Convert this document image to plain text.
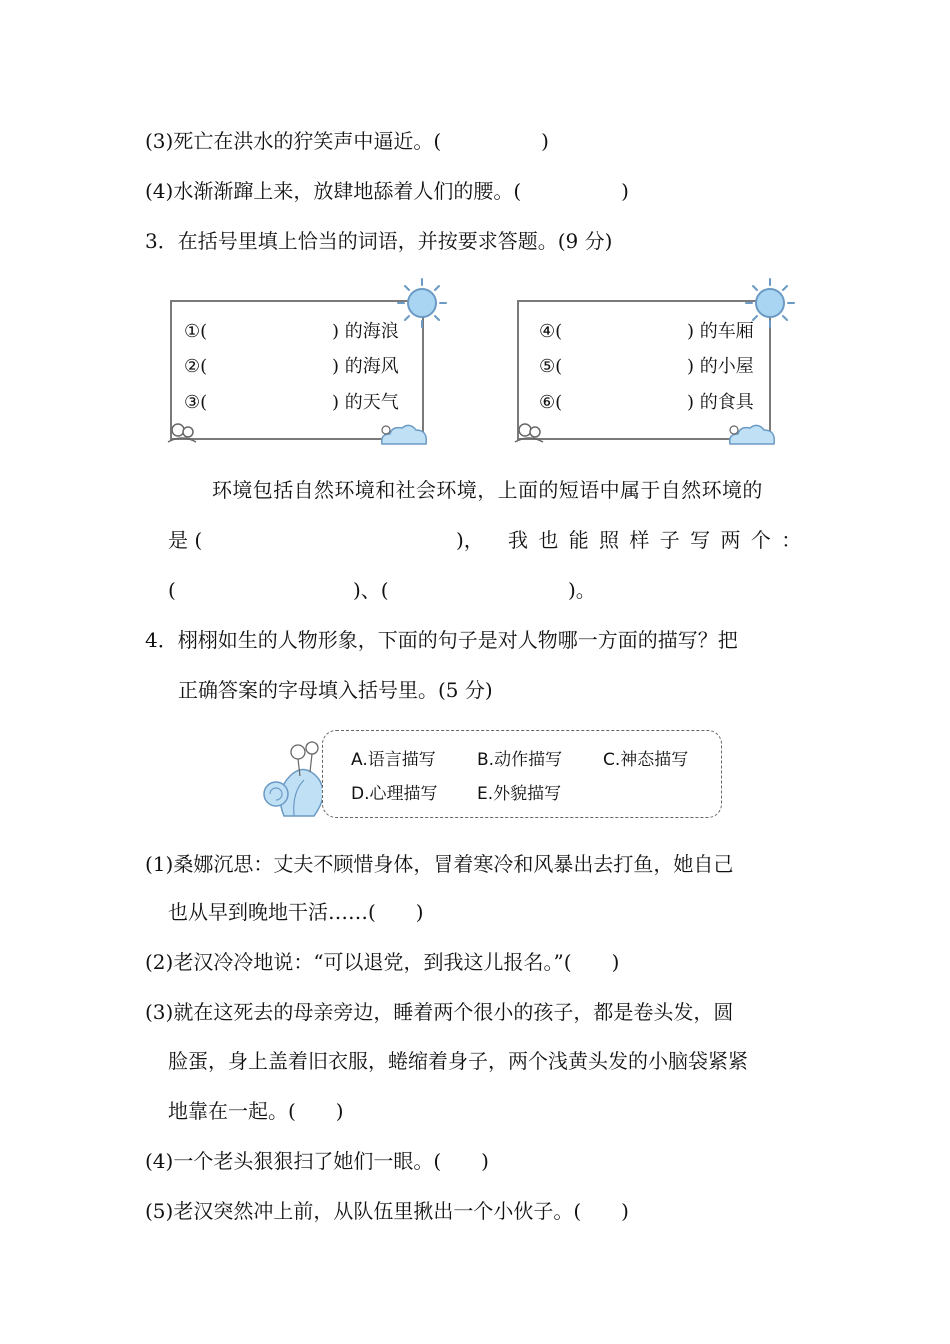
(3)死亡在洪水的狞笑声中逼近。(　　　　　)
(4)水渐渐蹿上来，放肆地舔着人们的腰。(　　　　　)
3．在括号里填上恰当的词语，并按要求答题。(9 分)
①(	) 的海浪
②(	) 的海风
③(	) 的天气
④(	) 的车厢
⑤(	) 的小屋
⑥(	) 的食具
环境包括自然环境和社会环境，上面的短语中属于自然环境的
是 (	)， 我 也 能 照 样 子 写 两 个 ：
(	)、(	)。
4．栩栩如生的人物形象，下面的句子是对人物哪一方面的描写？把
正确答案的字母填入括号里。(5 分)
A.语言描写 B.动作描写 C.神态描写
D.心理描写 E.外貌描写
(1)桑娜沉思：丈夫不顾惜身体，冒着寒冷和风暴出去打鱼，她自己
也从早到晚地干活……(　　)
(2)老汉冷冷地说：“可以退党，到我这儿报名。”(　　)
(3)就在这死去的母亲旁边，睡着两个很小的孩子，都是卷头发，圆
脸蛋，身上盖着旧衣服，蜷缩着身子，两个浅黄头发的小脑袋紧紧
地靠在一起。(　　)
(4)一个老头狠狠扫了她们一眼。(　　)
(5)老汉突然冲上前，从队伍里揪出一个小伙子。(　　)
